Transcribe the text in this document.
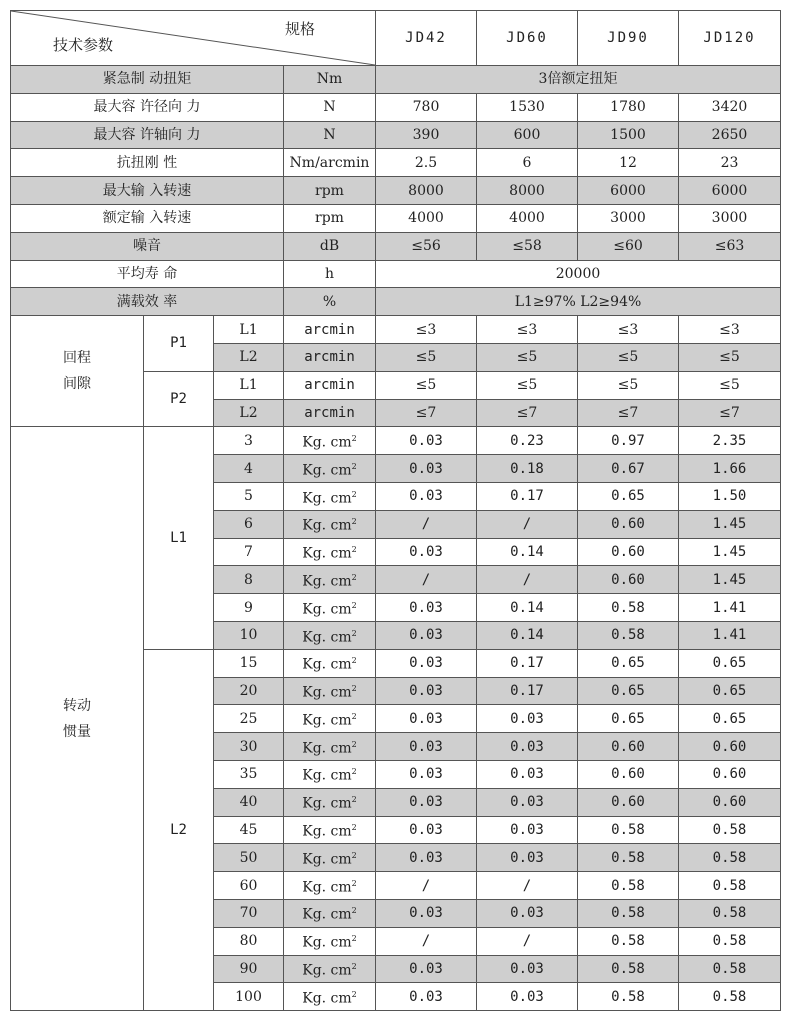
规格
技术参数				JD42	JD60	JD90	JD120
紧急制 动扭矩			Nm	3倍额定扭矩			
最大容 许径向 力			N	780	1530	1780	3420
最大容 许轴向 力			N	390	600	1500	2650
抗扭刚 性			Nm/arcmin	2.5	6	12	23
最大输 入转速			rpm	8000	8000	6000	6000
额定输 入转速			rpm	4000	4000	3000	3000
噪音			dB	≤56	≤58	≤60	≤63
平均寿 命			h	20000			
满载效 率			%	L1≥97% L2≥94%			
回程
间隙	P1	L1	arcmin	≤3	≤3	≤3	≤3
		L2	arcmin	≤5	≤5	≤5	≤5
	P2	L1	arcmin	≤5	≤5	≤5	≤5
		L2	arcmin	≤7	≤7	≤7	≤7
转动
惯量	L1	3	Kg. $cm^2$	0.03	0.23	0.97	2.35
		4	Kg. $cm^2$	0.03	0.18	0.67	1.66
		5	Kg. $cm^2$	0.03	0.17	0.65	1.50
		6	Kg. $cm^2$	/	/	0.60	1.45
		7	Kg. $cm^2$	0.03	0.14	0.60	1.45
		8	Kg. $cm^2$	/	/	0.60	1.45
		9	Kg. $cm^2$	0.03	0.14	0.58	1.41
		10	Kg. $cm^2$	0.03	0.14	0.58	1.41
	L2	15	Kg. $cm^2$	0.03	0.17	0.65	0.65
		20	Kg. $cm^2$	0.03	0.17	0.65	0.65
		25	Kg. $cm^2$	0.03	0.03	0.65	0.65
		30	Kg. $cm^2$	0.03	0.03	0.60	0.60
		35	Kg. $cm^2$	0.03	0.03	0.60	0.60
		40	Kg. $cm^2$	0.03	0.03	0.60	0.60
		45	Kg. $cm^2$	0.03	0.03	0.58	0.58
		50	Kg. $cm^2$	0.03	0.03	0.58	0.58
		60	Kg. $cm^2$	/	/	0.58	0.58
		70	Kg. $cm^2$	0.03	0.03	0.58	0.58
		80	Kg. $cm^2$	/	/	0.58	0.58
		90	Kg. $cm^2$	0.03	0.03	0.58	0.58
		100	Kg. $cm^2$	0.03	0.03	0.58	0.58
